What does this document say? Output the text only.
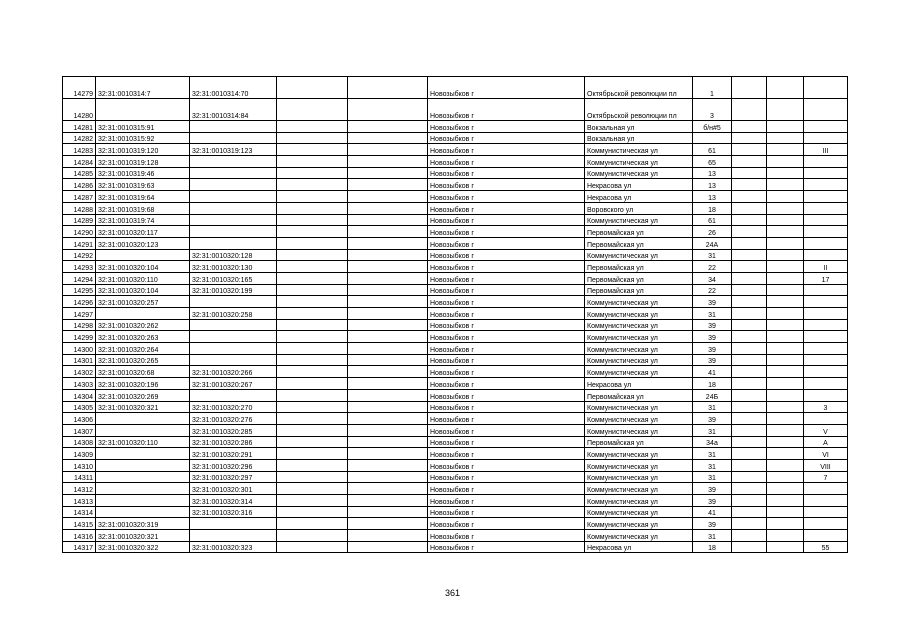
14279	32:31:0010314:7	32:31:0010314:70			Новозыбков г	Октябрьской революции пл	1			
14280		32:31:0010314:84			Новозыбков г	Октябрьской революции пл	3			
14281	32:31:0010315:91				Новозыбков г	Вокзальная ул	б/н#5			
14282	32:31:0010315:92				Новозыбков г	Вокзальная ул				
14283	32:31:0010319:120	32:31:0010319:123			Новозыбков г	Коммунистическая ул	61			III
14284	32:31:0010319:128				Новозыбков г	Коммунистическая ул	65			
14285	32:31:0010319:46				Новозыбков г	Коммунистическая ул	13			
14286	32:31:0010319:63				Новозыбков г	Некрасова ул	13			
14287	32:31:0010319:64				Новозыбков г	Некрасова ул	13			
14288	32:31:0010319:68				Новозыбков г	Воровского ул	18			
14289	32:31:0010319:74				Новозыбков г	Коммунистическая ул	61			
14290	32:31:0010320:117				Новозыбков г	Первомайская ул	26			
14291	32:31:0010320:123				Новозыбков г	Первомайская ул	24А			
14292		32:31:0010320:128			Новозыбков г	Коммунистическая ул	31			
14293	32:31:0010320:104	32:31:0010320:130			Новозыбков г	Первомайская ул	22			II
14294	32:31:0010320:110	32:31:0010320:165			Новозыбков г	Первомайская ул	34			17
14295	32:31:0010320:104	32:31:0010320:199			Новозыбков г	Первомайская ул	22			
14296	32:31:0010320:257				Новозыбков г	Коммунистическая ул	39			
14297		32:31:0010320:258			Новозыбков г	Коммунистическая ул	31			
14298	32:31:0010320:262				Новозыбков г	Коммунистическая ул	39			
14299	32:31:0010320:263				Новозыбков г	Коммунистическая ул	39			
14300	32:31:0010320:264				Новозыбков г	Коммунистическая ул	39			
14301	32:31:0010320:265				Новозыбков г	Коммунистическая ул	39			
14302	32:31:0010320:68	32:31:0010320:266			Новозыбков г	Коммунистическая ул	41			
14303	32:31:0010320:196	32:31:0010320:267			Новозыбков г	Некрасова ул	18			
14304	32:31:0010320:269				Новозыбков г	Первомайская ул	24Б			
14305	32:31:0010320:321	32:31:0010320:270			Новозыбков г	Коммунистическая ул	31			3
14306		32:31:0010320:276			Новозыбков г	Коммунистическая ул	39			
14307		32:31:0010320:285			Новозыбков г	Коммунистическая ул	31			V
14308	32:31:0010320:110	32:31:0010320:286			Новозыбков г	Первомайская ул	34а			А
14309		32:31:0010320:291			Новозыбков г	Коммунистическая ул	31			VI
14310		32:31:0010320:296			Новозыбков г	Коммунистическая ул	31			VIII
14311		32:31:0010320:297			Новозыбков г	Коммунистическая ул	31			7
14312		32:31:0010320:301			Новозыбков г	Коммунистическая ул	39			
14313		32:31:0010320:314			Новозыбков г	Коммунистическая ул	39			
14314		32:31:0010320:316			Новозыбков г	Коммунистическая ул	41			
14315	32:31:0010320:319				Новозыбков г	Коммунистическая ул	39			
14316	32:31:0010320:321				Новозыбков г	Коммунистическая ул	31			
14317	32:31:0010320:322	32:31:0010320:323			Новозыбков г	Некрасова ул	18			55
361
